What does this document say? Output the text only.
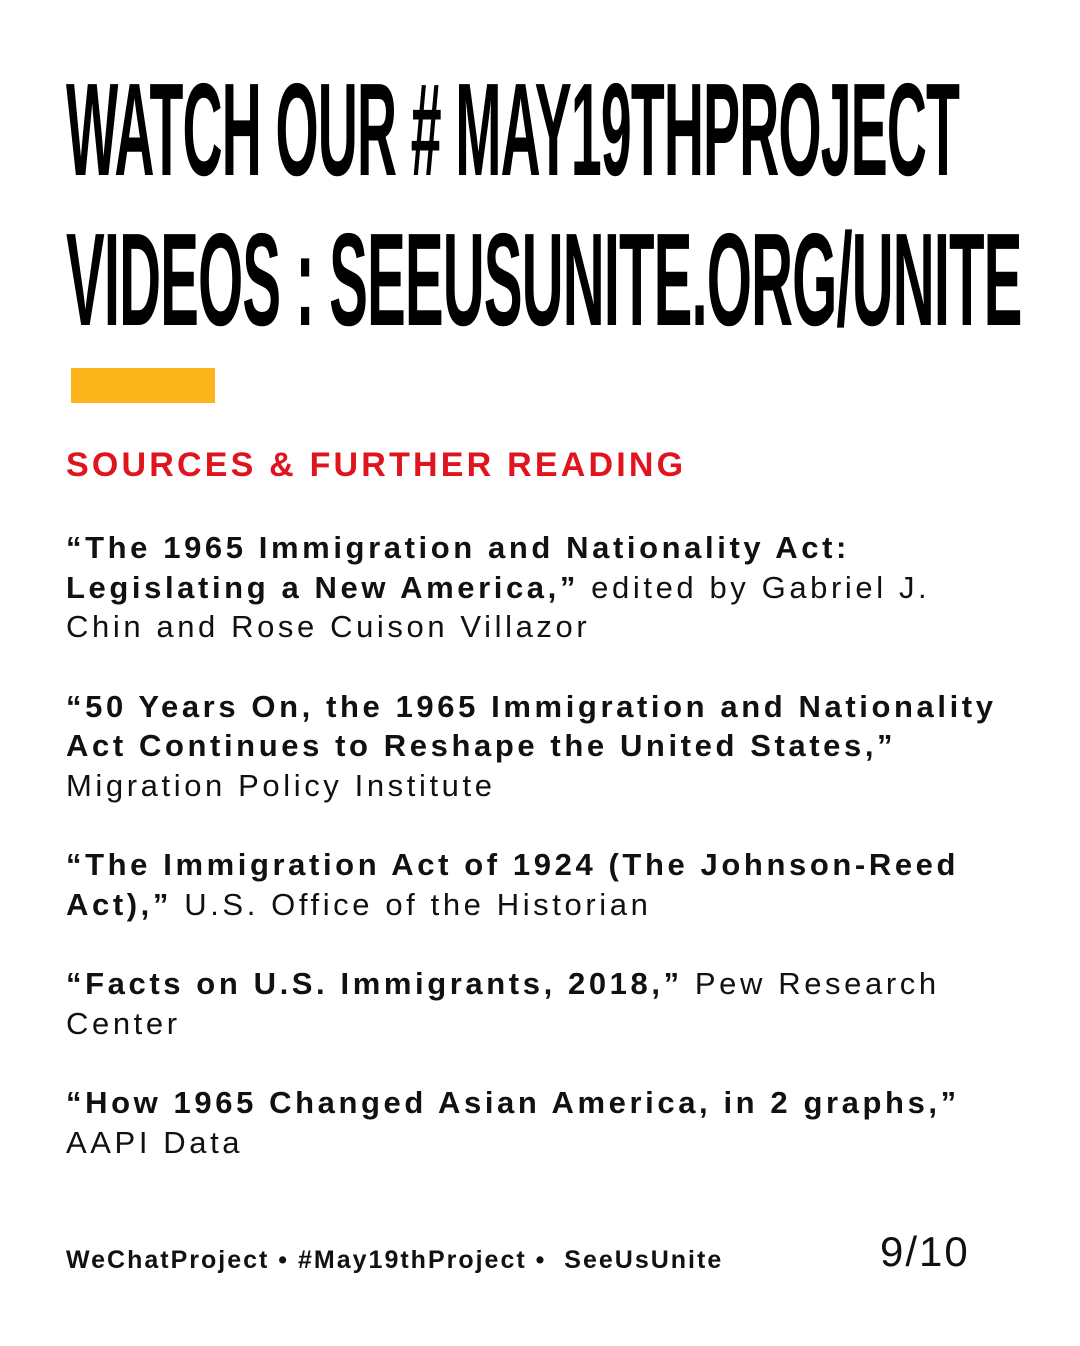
WATCH OUR # MAY19THPROJECT
VIDEOS : SEEUSUNITE.ORG/UNITE
SOURCES & FURTHER READING
“The 1965 Immigration and Nationality Act: Legislating a New America,” edited by Gabriel J. Chin and Rose Cuison Villazor
“50 Years On, the 1965 Immigration and Nationality Act Continues to Reshape the United States,” Migration Policy Institute
“The Immigration Act of 1924 (The Johnson-Reed Act),” U.S. Office of the Historian
“Facts on U.S. Immigrants, 2018,” Pew Research Center
“How 1965 Changed Asian America, in 2 graphs,” AAPI Data
WeChatProject • #May19thProject •  SeeUsUnite	9/10
